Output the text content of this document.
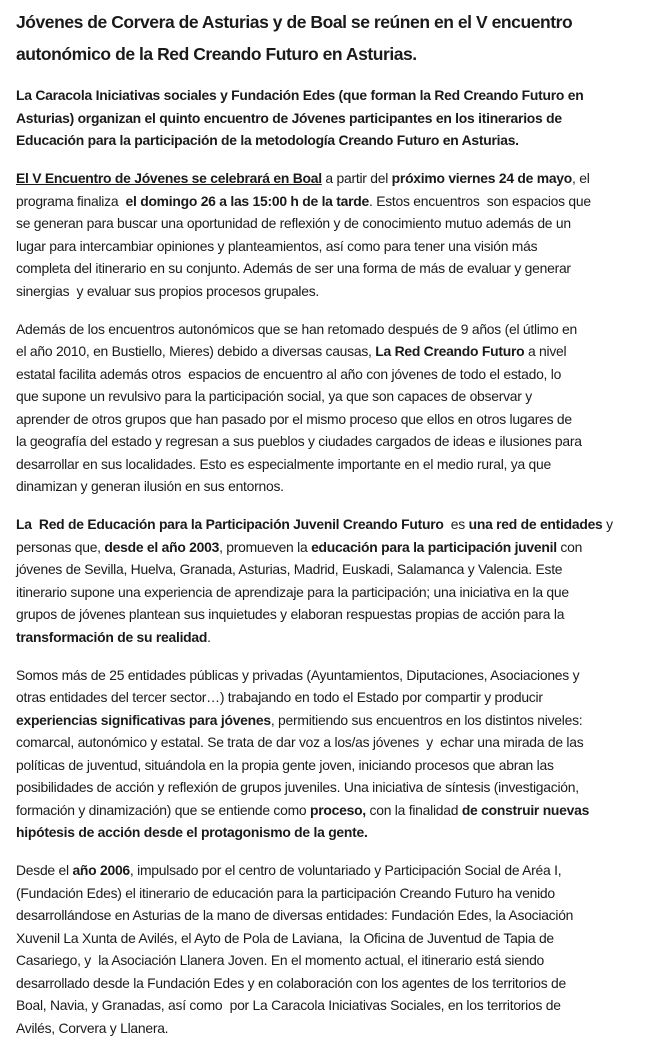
Jóvenes de Corvera de Asturias y de Boal se reúnen en el V encuentro
autonómico de la Red Creando Futuro en Asturias.
La Caracola Iniciativas sociales y Fundación Edes (que forman la Red Creando Futuro en
Asturias) organizan el quinto encuentro de Jóvenes participantes en los itinerarios de
Educación para la participación de la metodología Creando Futuro en Asturias.
El V Encuentro de Jóvenes se celebrará en Boal a partir del próximo viernes 24 de mayo, el
programa finaliza  el domingo 26 a las 15:00 h de la tarde. Estos encuentros  son espacios que
se generan para buscar una oportunidad de reflexión y de conocimiento mutuo además de un
lugar para intercambiar opiniones y planteamientos, así como para tener una visión más
completa del itinerario en su conjunto. Además de ser una forma de más de evaluar y generar
sinergias  y evaluar sus propios procesos grupales.
Además de los encuentros autonómicos que se han retomado después de 9 años (el útlimo en
el año 2010, en Bustiello, Mieres) debido a diversas causas, La Red Creando Futuro a nivel
estatal facilita además otros  espacios de encuentro al año con jóvenes de todo el estado, lo
que supone un revulsivo para la participación social, ya que son capaces de observar y
aprender de otros grupos que han pasado por el mismo proceso que ellos en otros lugares de
la geografía del estado y regresan a sus pueblos y ciudades cargados de ideas e ilusiones para
desarrollar en sus localidades. Esto es especialmente importante en el medio rural, ya que
dinamizan y generan ilusión en sus entornos.
La  Red de Educación para la Participación Juvenil Creando Futuro  es una red de entidades y
personas que, desde el año 2003, promueven la educación para la participación juvenil con
jóvenes de Sevilla, Huelva, Granada, Asturias, Madrid, Euskadi, Salamanca y Valencia. Este
itinerario supone una experiencia de aprendizaje para la participación; una iniciativa en la que
grupos de jóvenes plantean sus inquietudes y elaboran respuestas propias de acción para la
transformación de su realidad.
Somos más de 25 entidades públicas y privadas (Ayuntamientos, Diputaciones, Asociaciones y
otras entidades del tercer sector…) trabajando en todo el Estado por compartir y producir
experiencias significativas para jóvenes, permitiendo sus encuentros en los distintos niveles:
comarcal, autonómico y estatal. Se trata de dar voz a los/as jóvenes  y  echar una mirada de las
políticas de juventud, situándola en la propia gente joven, iniciando procesos que abran las
posibilidades de acción y reflexión de grupos juveniles. Una iniciativa de síntesis (investigación,
formación y dinamización) que se entiende como proceso, con la finalidad de construir nuevas
hipótesis de acción desde el protagonismo de la gente.
Desde el año 2006, impulsado por el centro de voluntariado y Participación Social de Aréa I,
(Fundación Edes) el itinerario de educación para la participación Creando Futuro ha venido
desarrollándose en Asturias de la mano de diversas entidades: Fundación Edes, la Asociación
Xuvenil La Xunta de Avilés, el Ayto de Pola de Laviana,  la Oficina de Juventud de Tapia de
Casariego, y  la Asociación Llanera Joven. En el momento actual, el itinerario está siendo
desarrollado desde la Fundación Edes y en colaboración con los agentes de los territorios de
Boal, Navia, y Granadas, así como  por La Caracola Iniciativas Sociales, en los territorios de
Avilés, Corvera y Llanera.
